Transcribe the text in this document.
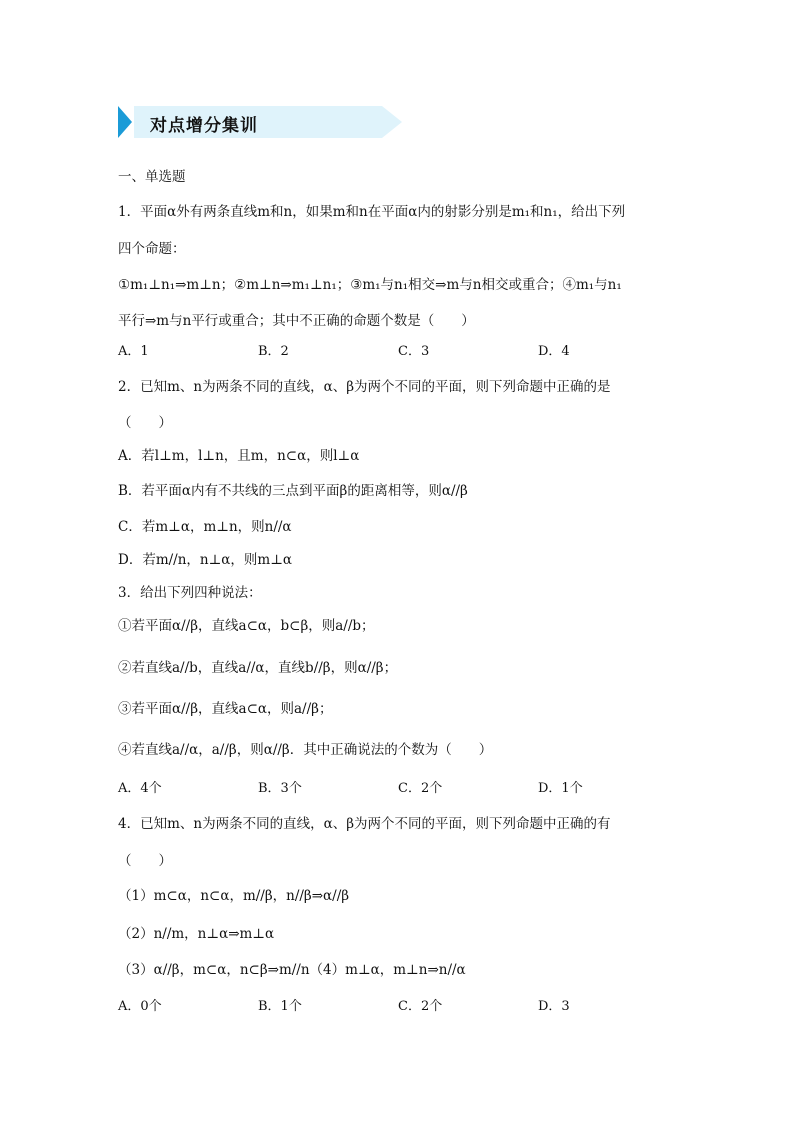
对点增分集训
一、单选题
1．平面α外有两条直线m和n，如果m和n在平面α内的射影分别是m₁和n₁，给出下列
四个命题：
①m₁⊥n₁⇒m⊥n；②m⊥n⇒m₁⊥n₁；③m₁与n₁相交⇒m与n相交或重合；④m₁与n₁
平行⇒m与n平行或重合；其中不正确的命题个数是（　　）
A．1	B．2	C．3	D．4
2．已知m、n为两条不同的直线，α、β为两个不同的平面，则下列命题中正确的是
（　　）
A．若l⊥m，l⊥n，且m，n⊂α，则l⊥α
B．若平面α内有不共线的三点到平面β的距离相等，则α//β
C．若m⊥α，m⊥n，则n//α
D．若m//n，n⊥α，则m⊥α
3．给出下列四种说法：
①若平面α//β，直线a⊂α，b⊂β，则a//b；
②若直线a//b，直线a//α，直线b//β，则α//β；
③若平面α//β，直线a⊂α，则a//β；
④若直线a//α，a//β，则α//β．其中正确说法的个数为（　　）
A．4个	B．3个	C．2个	D．1个
4．已知m、n为两条不同的直线，α、β为两个不同的平面，则下列命题中正确的有
（　　）
（1）m⊂α，n⊂α，m//β，n//β⇒α//β
（2）n//m，n⊥α⇒m⊥α
（3）α//β，m⊂α，n⊂β⇒m//n（4）m⊥α，m⊥n⇒n//α
A．0个	B．1个	C．2个	D．3
